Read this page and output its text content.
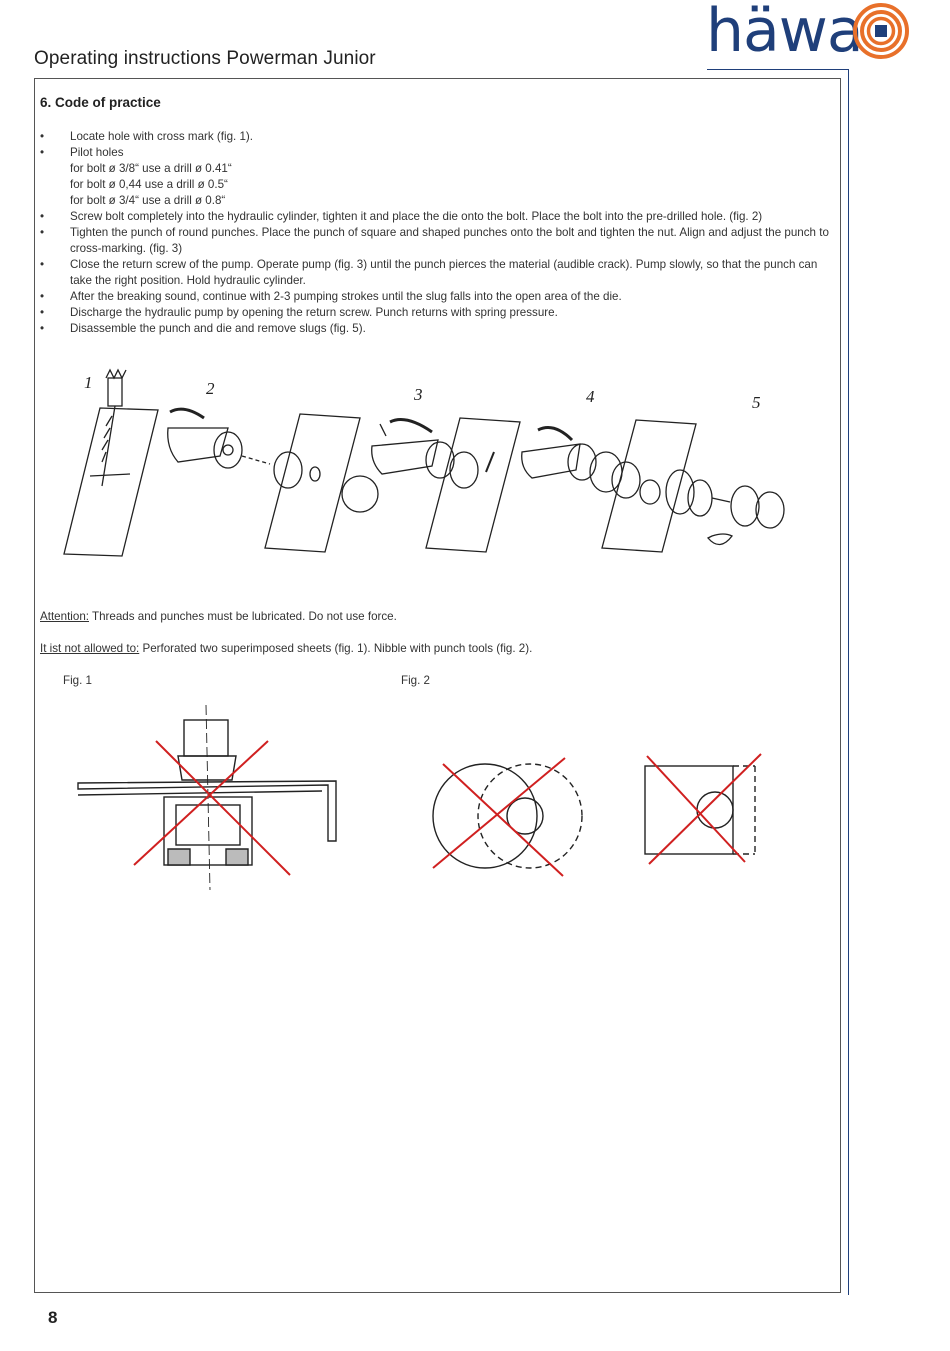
Operating instructions Powerman Junior	häwa
6. Code of practice
•	Locate hole with cross mark (fig. 1).
•	Pilot holes
for bolt ø 3/8“ use a drill ø 0.41“
for bolt ø 0,44 use a drill ø 0.5“
for bolt ø 3/4“ use a drill ø 0.8“
•	Screw bolt completely into the hydraulic cylinder, tighten it and place the die onto the bolt. Place the bolt into the pre-drilled hole. (fig. 2)
•	Tighten the punch of round punches. Place the punch of square and shaped punches onto the bolt and tighten the nut. Align and adjust the punch to cross-marking. (fig. 3)
•	Close the return screw of the pump. Operate pump (fig. 3) until the punch pierces the material (audible crack). Pump slowly, so that the punch can take the right position. Hold hydraulic cylinder.
•	After the breaking sound, continue with 2-3 pumping strokes until the slug falls into the open area of the die.
•	Discharge the hydraulic pump by opening the return screw. Punch returns with spring pressure.
•	Disassemble the punch and die and remove slugs (fig. 5).
1	2	3	4	5
Attention: Threads and punches must be lubricated. Do not use force.
It ist not allowed to: Perforated two superimposed sheets (fig. 1). Nibble with punch tools (fig. 2).
Fig. 1	Fig. 2
8
